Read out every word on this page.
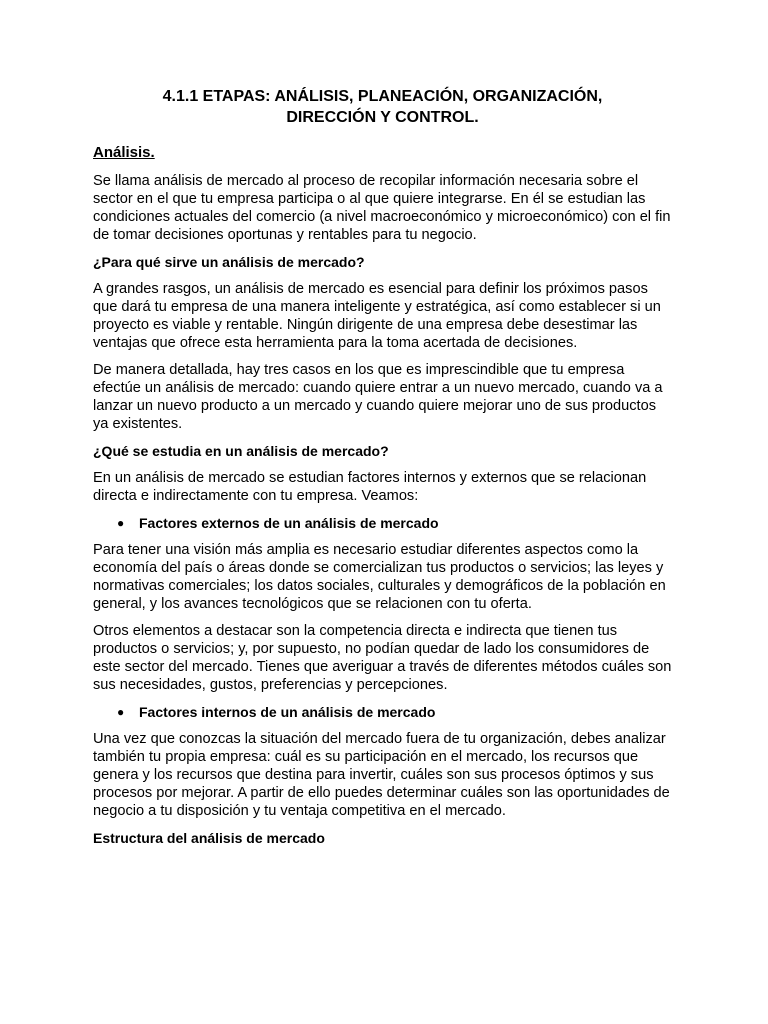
4.1.1 ETAPAS: ANÁLISIS, PLANEACIÓN, ORGANIZACIÓN,
DIRECCIÓN Y CONTROL.
Análisis.

Se llama análisis de mercado al proceso de recopilar información necesaria sobre el sector en el que tu empresa participa o al que quiere integrarse. En él se estudian las condiciones actuales del comercio (a nivel macroeconómico y microeconómico) con el fin de tomar decisiones oportunas y rentables para tu negocio.

¿Para qué sirve un análisis de mercado?

A grandes rasgos, un análisis de mercado es esencial para definir los próximos pasos que dará tu empresa de una manera inteligente y estratégica, así como establecer si un proyecto es viable y rentable. Ningún dirigente de una empresa debe desestimar las ventajas que ofrece esta herramienta para la toma acertada de decisiones.

De manera detallada, hay tres casos en los que es imprescindible que tu empresa efectúe un análisis de mercado: cuando quiere entrar a un nuevo mercado, cuando va a lanzar un nuevo producto a un mercado y cuando quiere mejorar uno de sus productos ya existentes.

¿Qué se estudia en un análisis de mercado?

En un análisis de mercado se estudian factores internos y externos que se relacionan directa e indirectamente con tu empresa. Veamos:

● Factores externos de un análisis de mercado

Para tener una visión más amplia es necesario estudiar diferentes aspectos como la economía del país o áreas donde se comercializan tus productos o servicios; las leyes y normativas comerciales; los datos sociales, culturales y demográficos de la población en general, y los avances tecnológicos que se relacionen con tu oferta.

Otros elementos a destacar son la competencia directa e indirecta que tienen tus productos o servicios; y, por supuesto, no podían quedar de lado los consumidores de este sector del mercado. Tienes que averiguar a través de diferentes métodos cuáles son sus necesidades, gustos, preferencias y percepciones.

● Factores internos de un análisis de mercado

Una vez que conozcas la situación del mercado fuera de tu organización, debes analizar también tu propia empresa: cuál es su participación en el mercado, los recursos que genera y los recursos que destina para invertir, cuáles son sus procesos óptimos y sus procesos por mejorar. A partir de ello puedes determinar cuáles son las oportunidades de negocio a tu disposición y tu ventaja competitiva en el mercado.

Estructura del análisis de mercado
